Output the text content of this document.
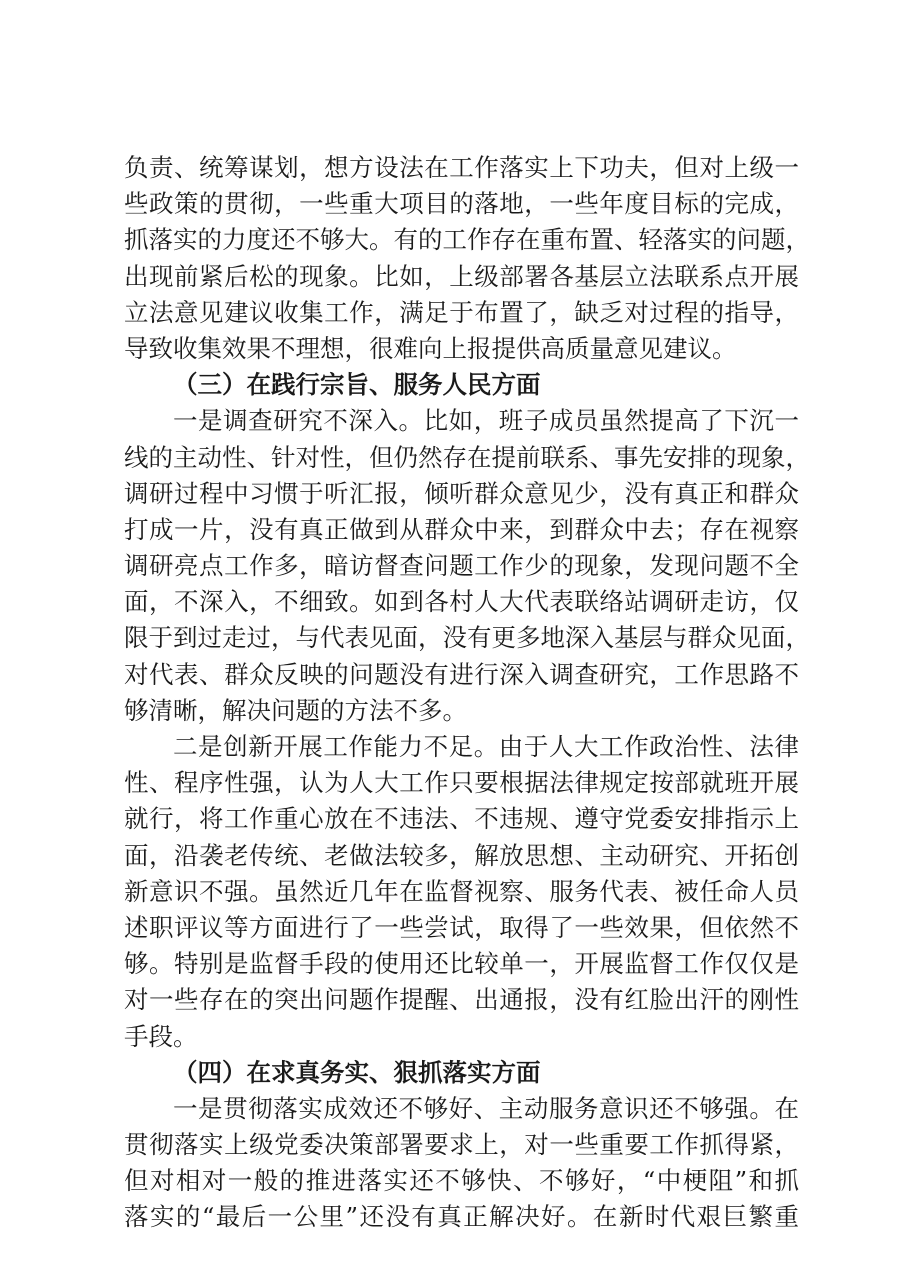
负责、统筹谋划，想方设法在工作落实上下功夫，但对上级一
些政策的贯彻，一些重大项目的落地，一些年度目标的完成，
抓落实的力度还不够大。有的工作存在重布置、轻落实的问题，
出现前紧后松的现象。比如，上级部署各基层立法联系点开展
立法意见建议收集工作，满足于布置了，缺乏对过程的指导，
导致收集效果不理想，很难向上报提供高质量意见建议。
（三）在践行宗旨、服务人民方面
一是调查研究不深入。比如，班子成员虽然提高了下沉一
线的主动性、针对性，但仍然存在提前联系、事先安排的现象，
调研过程中习惯于听汇报，倾听群众意见少，没有真正和群众
打成一片，没有真正做到从群众中来，到群众中去；存在视察
调研亮点工作多，暗访督查问题工作少的现象，发现问题不全
面，不深入，不细致。如到各村人大代表联络站调研走访，仅
限于到过走过，与代表见面，没有更多地深入基层与群众见面，
对代表、群众反映的问题没有进行深入调查研究，工作思路不
够清晰，解决问题的方法不多。
二是创新开展工作能力不足。由于人大工作政治性、法律
性、程序性强，认为人大工作只要根据法律规定按部就班开展
就行，将工作重心放在不违法、不违规、遵守党委安排指示上
面，沿袭老传统、老做法较多，解放思想、主动研究、开拓创
新意识不强。虽然近几年在监督视察、服务代表、被任命人员
述职评议等方面进行了一些尝试，取得了一些效果，但依然不
够。特别是监督手段的使用还比较单一，开展监督工作仅仅是
对一些存在的突出问题作提醒、出通报，没有红脸出汗的刚性
手段。
（四）在求真务实、狠抓落实方面
一是贯彻落实成效还不够好、主动服务意识还不够强。在
贯彻落实上级党委决策部署要求上，对一些重要工作抓得紧，
但对相对一般的推进落实还不够快、不够好，“中梗阻”和抓
落实的“最后一公里”还没有真正解决好。在新时代艰巨繁重
